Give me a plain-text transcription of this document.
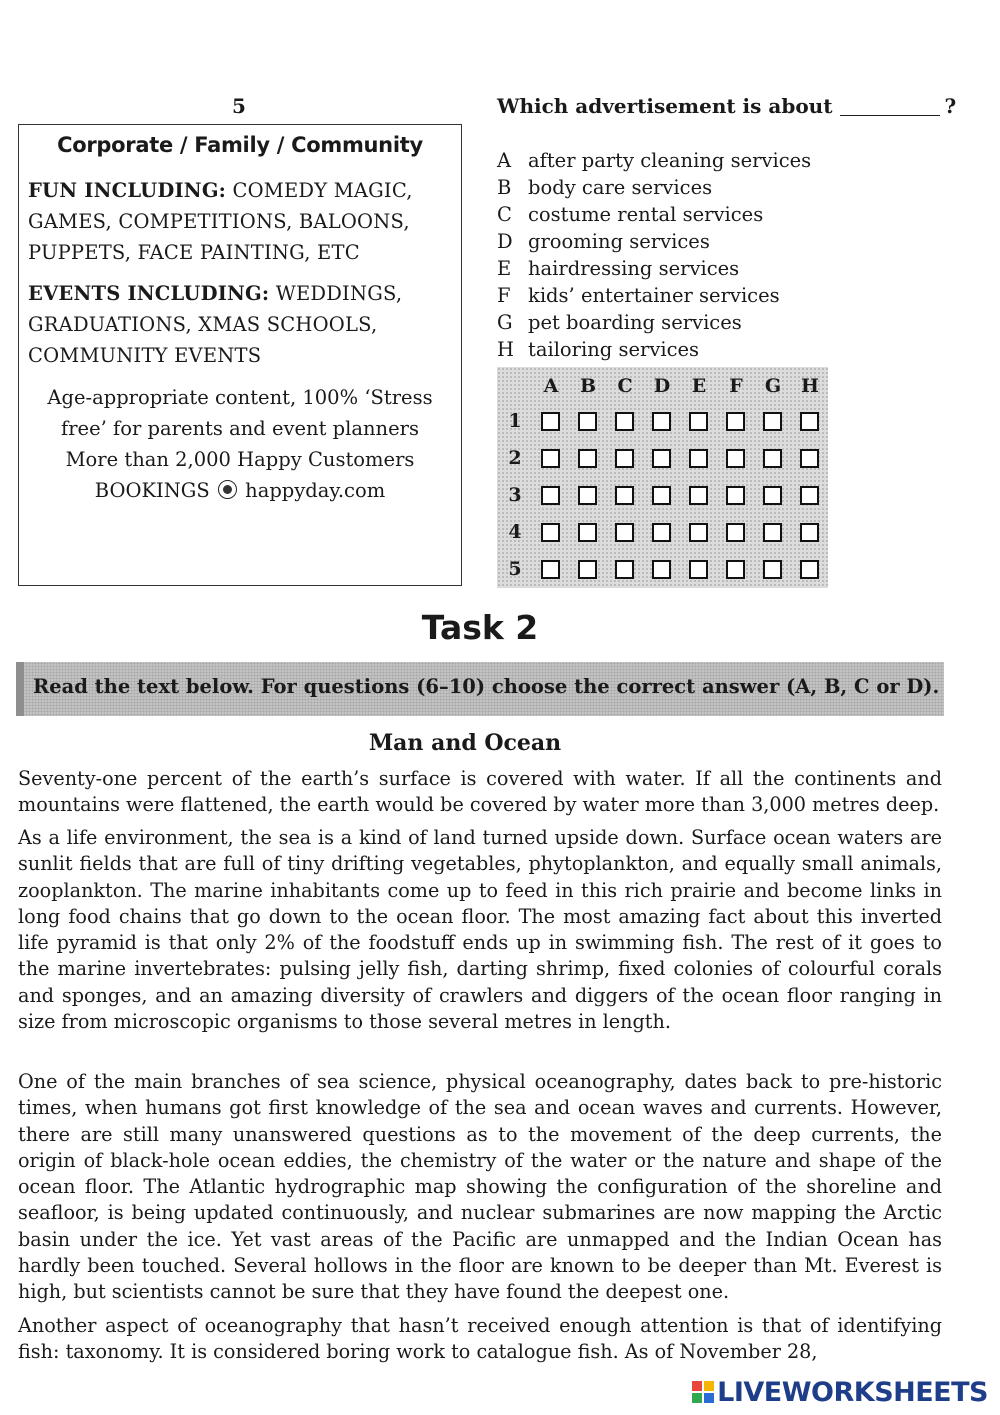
5
Corporate / Family / Community
FUN INCLUDING: COMEDY MAGIC,
GAMES, COMPETITIONS, BALOONS,
PUPPETS, FACE PAINTING, ETC
EVENTS INCLUDING: WEDDINGS,
GRADUATIONS, XMAS SCHOOLS,
COMMUNITY EVENTS
Age-appropriate content, 100% ‘Stress
free’ for parents and event planners
More than 2,000 Happy Customers
BOOKINGS happyday.com
Which advertisement is about	?
A after party cleaning services
B body care services
C costume rental services
D grooming services
E hairdressing services
F kids’ entertainer services
G pet boarding services
H tailoring services
A B C D E F G H
1
2
3
4
5
Task 2
Read the text below. For questions (6–10) choose the correct answer (A, B, C or D).
Man and Ocean
Seventy-one percent of the earth’s surface is covered with water. If all the continents and mountains were flattened, the earth would be covered by water more than 3,000 metres deep.
As a life environment, the sea is a kind of land turned upside down. Surface ocean waters are sunlit fields that are full of tiny drifting vegetables, phytoplankton, and equally small animals, zooplankton. The marine inhabitants come up to feed in this rich prairie and become links in long food chains that go down to the ocean floor. The most amazing fact about this inverted life pyramid is that only 2% of the foodstuff ends up in swimming fish. The rest of it goes to the marine invertebrates: pulsing jelly fish, darting shrimp, fixed colonies of colourful corals and sponges, and an amazing diversity of crawlers and diggers of the ocean floor ranging in size from microscopic organisms to those several metres in length.
One of the main branches of sea science, physical oceanography, dates back to pre-historic times, when humans got first knowledge of the sea and ocean waves and currents. However, there are still many unanswered questions as to the movement of the deep currents, the origin of black-hole ocean eddies, the chemistry of the water or the nature and shape of the ocean floor. The Atlantic hydrographic map showing the configuration of the shoreline and seafloor, is being updated continuously, and nuclear submarines are now mapping the Arctic basin under the ice. Yet vast areas of the Pacific are unmapped and the Indian Ocean has hardly been touched. Several hollows in the floor are known to be deeper than Mt. Everest is high, but scientists cannot be sure that they have found the deepest one.
Another aspect of oceanography that hasn’t received enough attention is that of identifying fish: taxonomy. It is considered boring work to catalogue fish. As of November 28,
LIVEWORKSHEETS
